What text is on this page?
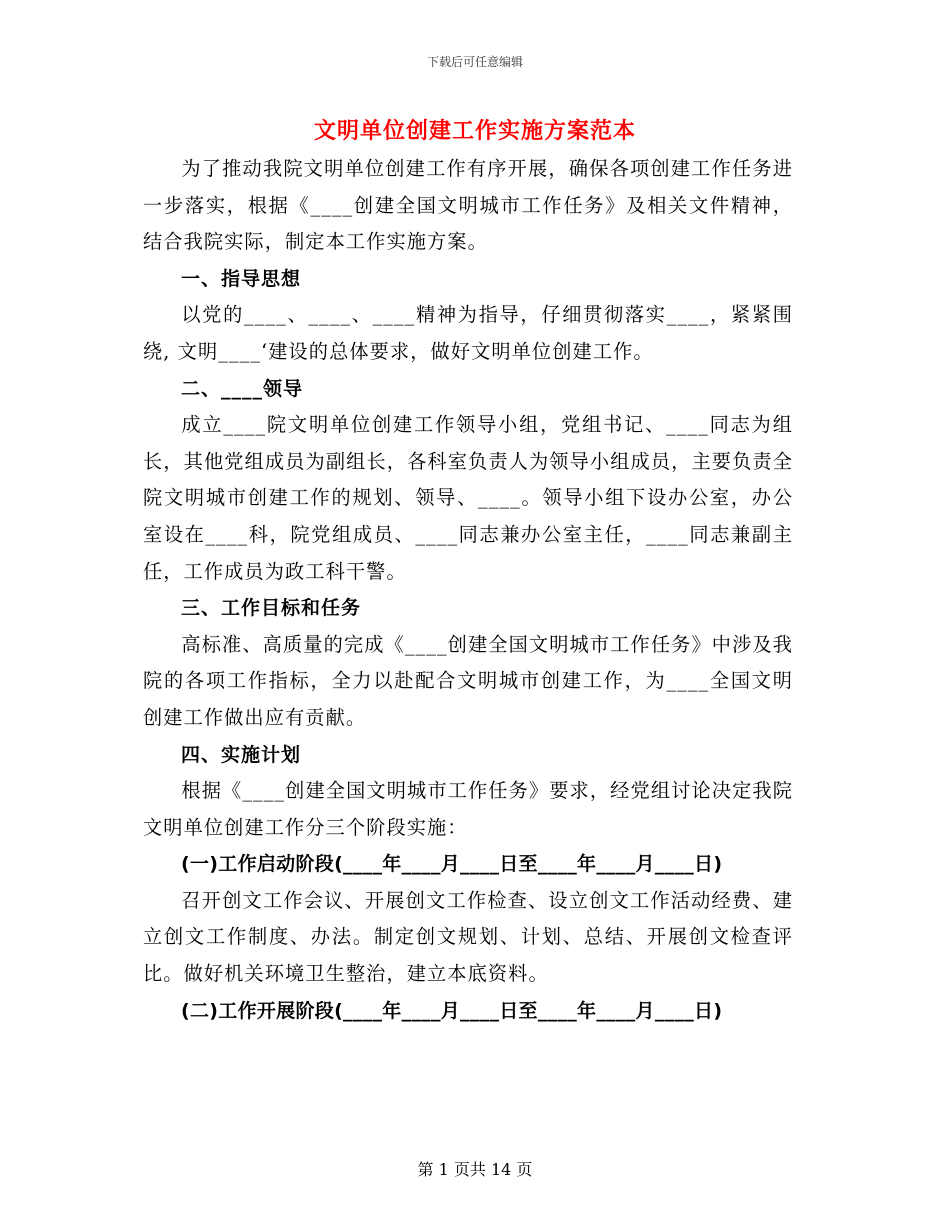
下载后可任意编辑
文明单位创建工作实施方案范本

为了推动我院文明单位创建工作有序开展，确保各项创建工作任务进一步落实，根据《____创建全国文明城市工作任务》及相关文件精神，结合我院实际，制定本工作实施方案。

一、指导思想

以党的____、____、____精神为指导，仔细贯彻落实____，紧紧围绕, 文明____‘建设的总体要求，做好文明单位创建工作。

二、____领导

成立____院文明单位创建工作领导小组，党组书记、____同志为组长，其他党组成员为副组长，各科室负责人为领导小组成员，主要负责全院文明城市创建工作的规划、领导、____。领导小组下设办公室，办公室设在____科，院党组成员、____同志兼办公室主任，____同志兼副主任，工作成员为政工科干警。

三、工作目标和任务

高标准、高质量的完成《____创建全国文明城市工作任务》中涉及我院的各项工作指标，全力以赴配合文明城市创建工作，为____全国文明创建工作做出应有贡献。

四、实施计划

根据《____创建全国文明城市工作任务》要求，经党组讨论决定我院文明单位创建工作分三个阶段实施：

(一)工作启动阶段(____年____月____日至____年____月____日)

召开创文工作会议、开展创文工作检查、设立创文工作活动经费、建立创文工作制度、办法。制定创文规划、计划、总结、开展创文检查评比。做好机关环境卫生整治，建立本底资料。

(二)工作开展阶段(____年____月____日至____年____月____日)

第 1 页共 14 页
